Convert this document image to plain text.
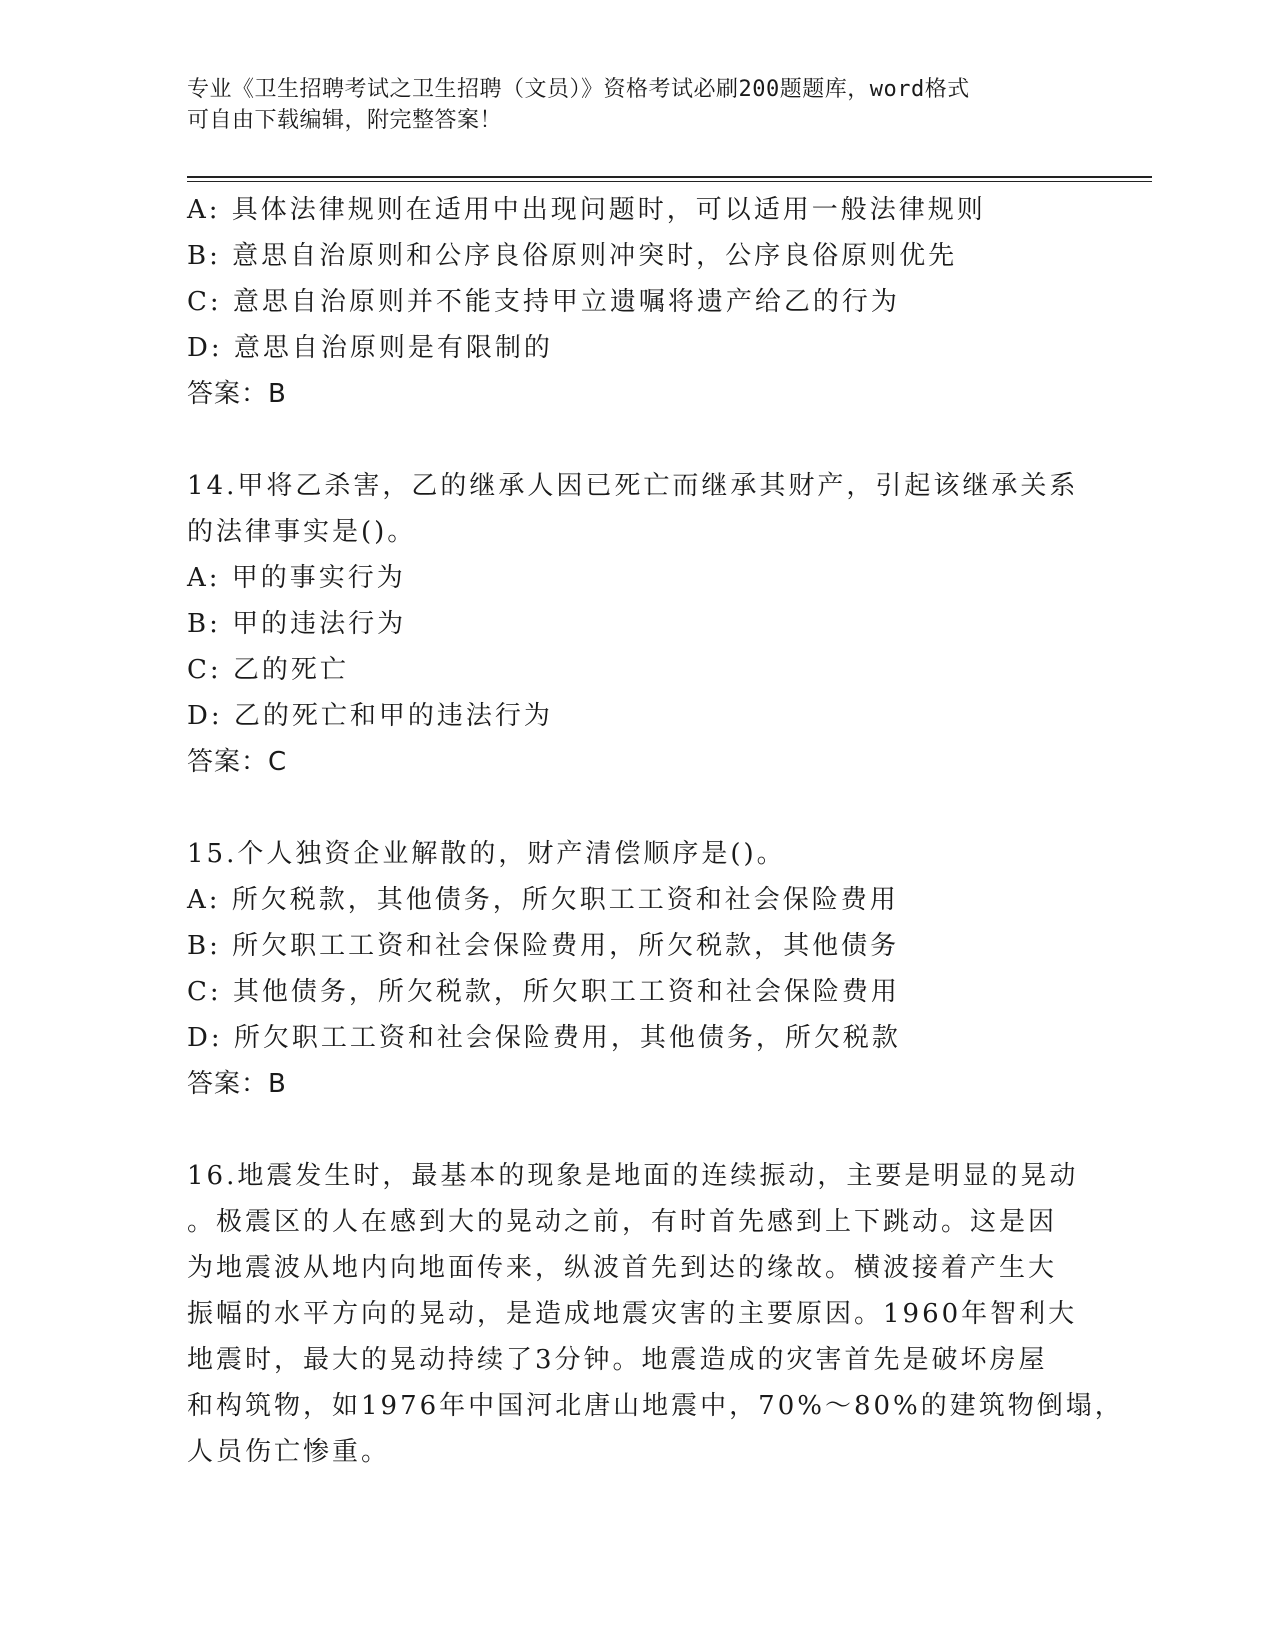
专业《卫生招聘考试之卫生招聘（文员）》资格考试必刷200题题库，word格式
可自由下载编辑，附完整答案！
A: 具体法律规则在适用中出现问题时，可以适用一般法律规则
B: 意思自治原则和公序良俗原则冲突时，公序良俗原则优先
C: 意思自治原则并不能支持甲立遗嘱将遗产给乙的行为
D: 意思自治原则是有限制的
答案：B
14.甲将乙杀害，乙的继承人因已死亡而继承其财产，引起该继承关系
的法律事实是()。
A: 甲的事实行为
B: 甲的违法行为
C: 乙的死亡
D: 乙的死亡和甲的违法行为
答案：C
15.个人独资企业解散的，财产清偿顺序是()。
A: 所欠税款，其他债务，所欠职工工资和社会保险费用
B: 所欠职工工资和社会保险费用，所欠税款，其他债务
C: 其他债务，所欠税款，所欠职工工资和社会保险费用
D: 所欠职工工资和社会保险费用，其他债务，所欠税款
答案：B
16.地震发生时，最基本的现象是地面的连续振动，主要是明显的晃动
。极震区的人在感到大的晃动之前，有时首先感到上下跳动。这是因
为地震波从地内向地面传来，纵波首先到达的缘故。横波接着产生大
振幅的水平方向的晃动，是造成地震灾害的主要原因。1960年智利大
地震时，最大的晃动持续了3分钟。地震造成的灾害首先是破坏房屋
和构筑物，如1976年中国河北唐山地震中，70%～80%的建筑物倒塌，
人员伤亡惨重。
